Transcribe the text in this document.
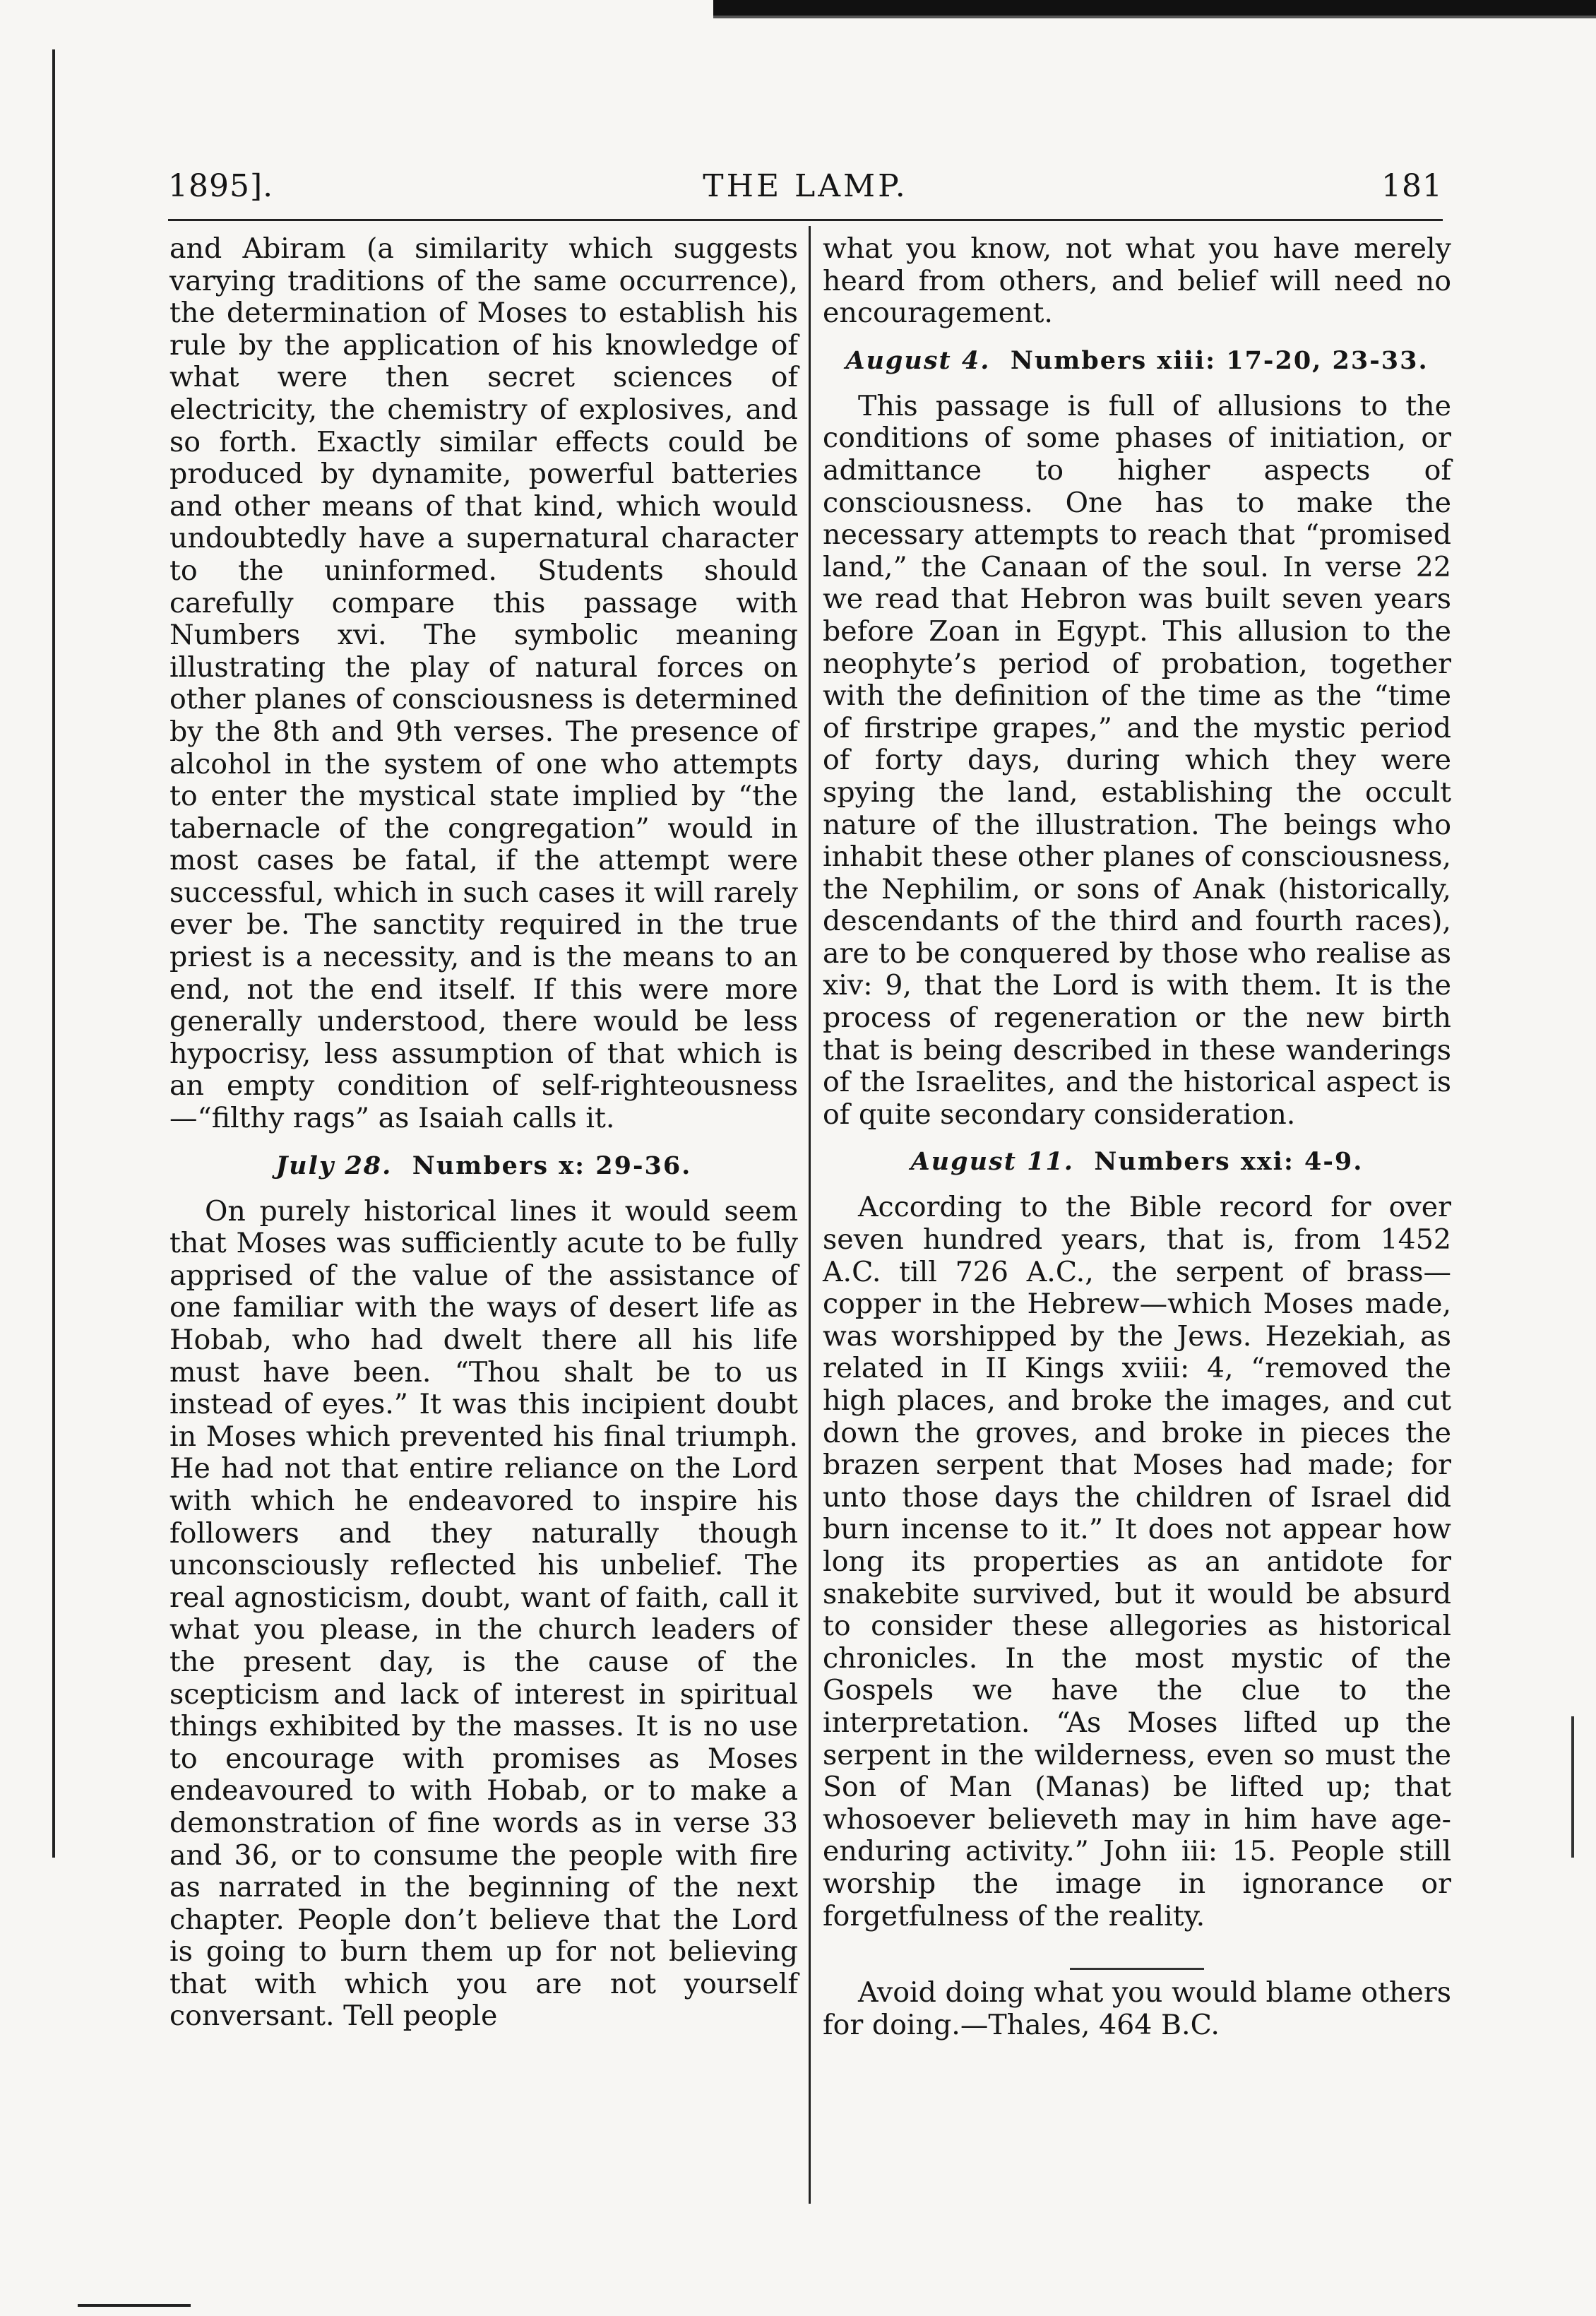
1895].	THE LAMP.	181

and Abiram (a similarity which suggests varying traditions of the same occurrence), the determination of Moses to establish his rule by the application of his knowledge of what were then secret sciences of electricity, the chemistry of explosives, and so forth. Exactly similar effects could be produced by dynamite, powerful batteries and other means of that kind, which would undoubtedly have a supernatural character to the uninformed. Students should carefully compare this passage with Numbers xvi. The symbolic meaning illustrating the play of natural forces on other planes of consciousness is determined by the 8th and 9th verses. The presence of alcohol in the system of one who attempts to enter the mystical state implied by “the tabernacle of the congregation” would in most cases be fatal, if the attempt were successful, which in such cases it will rarely ever be. The sanctity required in the true priest is a necessity, and is the means to an end, not the end itself. If this were more generally understood, there would be less hypocrisy, less assumption of that which is an empty condition of self-righteousness—“filthy rags” as Isaiah calls it.

July 28. Numbers x: 29-36.

On purely historical lines it would seem that Moses was sufficiently acute to be fully apprised of the value of the assistance of one familiar with the ways of desert life as Hobab, who had dwelt there all his life must have been. “Thou shalt be to us instead of eyes.” It was this incipient doubt in Moses which prevented his final triumph. He had not that entire reliance on the Lord with which he endeavored to inspire his followers and they naturally though unconsciously reflected his unbelief. The real agnosticism, doubt, want of faith, call it what you please, in the church leaders of the present day, is the cause of the scepticism and lack of interest in spiritual things exhibited by the masses. It is no use to encourage with promises as Moses endeavoured to with Hobab, or to make a demonstration of fine words as in verse 33 and 36, or to consume the people with fire as narrated in the beginning of the next chapter. People don’t believe that the Lord is going to burn them up for not believing that with which you are not yourself conversant. Tell people

what you know, not what you have merely heard from others, and belief will need no encouragement.

August 4. Numbers xiii: 17-20, 23-33.

This passage is full of allusions to the conditions of some phases of initiation, or admittance to higher aspects of consciousness. One has to make the necessary attempts to reach that “promised land,” the Canaan of the soul. In verse 22 we read that Hebron was built seven years before Zoan in Egypt. This allusion to the neophyte’s period of probation, together with the definition of the time as the “time of firstripe grapes,” and the mystic period of forty days, during which they were spying the land, establishing the occult nature of the illustration. The beings who inhabit these other planes of consciousness, the Nephilim, or sons of Anak (historically, descendants of the third and fourth races), are to be conquered by those who realise as xiv: 9, that the Lord is with them. It is the process of regeneration or the new birth that is being described in these wanderings of the Israelites, and the historical aspect is of quite secondary consideration.

August 11. Numbers xxi: 4-9.

According to the Bible record for over seven hundred years, that is, from 1452 A.C. till 726 A.C., the serpent of brass—copper in the Hebrew—which Moses made, was worshipped by the Jews. Hezekiah, as related in II Kings xviii: 4, “removed the high places, and broke the images, and cut down the groves, and broke in pieces the brazen serpent that Moses had made; for unto those days the children of Israel did burn incense to it.” It does not appear how long its properties as an antidote for snakebite survived, but it would be absurd to consider these allegories as historical chronicles. In the most mystic of the Gospels we have the clue to the interpretation. “As Moses lifted up the serpent in the wilderness, even so must the Son of Man (Manas) be lifted up; that whosoever believeth may in him have age-enduring activity.” John iii: 15. People still worship the image in ignorance or forgetfulness of the reality.

Avoid doing what you would blame others for doing.—Thales, 464 B.C.
